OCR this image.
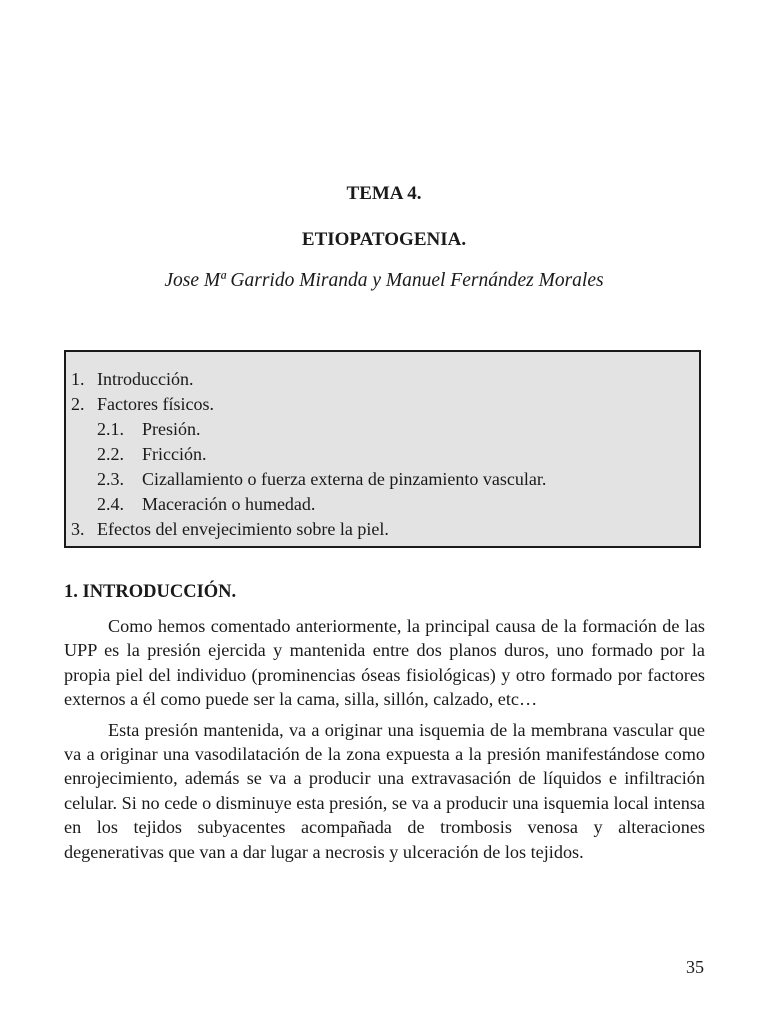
TEMA 4.
ETIOPATOGENIA.
Jose Mª Garrido Miranda y Manuel Fernández Morales
1. Introducción.
2. Factores físicos.
2.1. Presión.
2.2. Fricción.
2.3. Cizallamiento o fuerza externa de pinzamiento vascular.
2.4. Maceración o humedad.
3. Efectos del envejecimiento sobre la piel.
1. INTRODUCCIÓN.

Como hemos comentado anteriormente, la principal causa de la formación de las UPP es la presión ejercida y mantenida entre dos planos duros, uno formado por la propia piel del individuo (prominencias óseas fisiológicas) y otro formado por factores externos a él como puede ser la cama, silla, sillón, calzado, etc…

Esta presión mantenida, va a originar una isquemia de la membrana vascular que va a originar una vasodilatación de la zona expuesta a la presión manifestándose como enrojecimiento, además se va a producir una extravasación de líquidos e infiltración celular. Si no cede o disminuye esta presión, se va a producir una isquemia local intensa en los tejidos subyacentes acompañada de trombosis venosa y alteraciones degenerativas que van a dar lugar a necrosis y ulceración de los tejidos.

35
